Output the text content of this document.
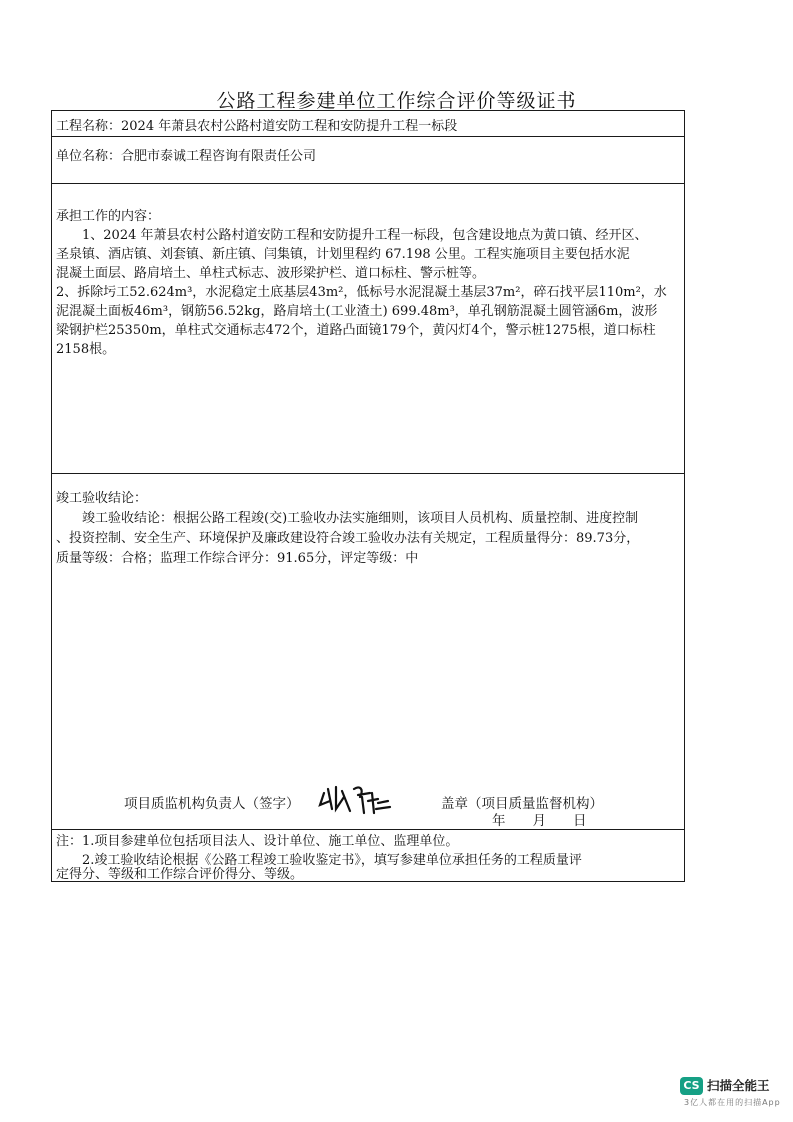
公路工程参建单位工作综合评价等级证书
工程名称：2024 年萧县农村公路村道安防工程和安防提升工程一标段
单位名称：合肥市泰诚工程咨询有限责任公司
承担工作的内容：
　　1、2024 年萧县农村公路村道安防工程和安防提升工程一标段，包含建设地点为黄口镇、经开区、
圣泉镇、酒店镇、刘套镇、新庄镇、闫集镇，计划里程约 67.198 公里。工程实施项目主要包括水泥
混凝土面层、路肩培土、单柱式标志、波形梁护栏、道口标柱、警示桩等。
2、拆除圬工52.624m³，水泥稳定土底基层43m²，低标号水泥混凝土基层37m²，碎石找平层110m²，水
泥混凝土面板46m³，钢筋56.52kg，路肩培土(工业渣土) 699.48m³，单孔钢筋混凝土圆管涵6m，波形
梁钢护栏25350m，单柱式交通标志472个，道路凸面镜179个，黄闪灯4个，警示桩1275根，道口标柱
2158根。
竣工验收结论：
　　竣工验收结论：根据公路工程竣(交)工验收办法实施细则，该项目人员机构、质量控制、进度控制
、投资控制、安全生产、环境保护及廉政建设符合竣工验收办法有关规定，工程质量得分：89.73分，
质量等级：合格；监理工作综合评分：91.65分，评定等级：中
项目质监机构负责人（签字）	盖章（项目质量监督机构）
年　　月　　日
注：1.项目参建单位包括项目法人、设计单位、施工单位、监理单位。
　　2.竣工验收结论根据《公路工程竣工验收鉴定书》，填写参建单位承担任务的工程质量评
定得分、等级和工作综合评价得分、等级。
CS 扫描全能王
3亿人都在用的扫描App
